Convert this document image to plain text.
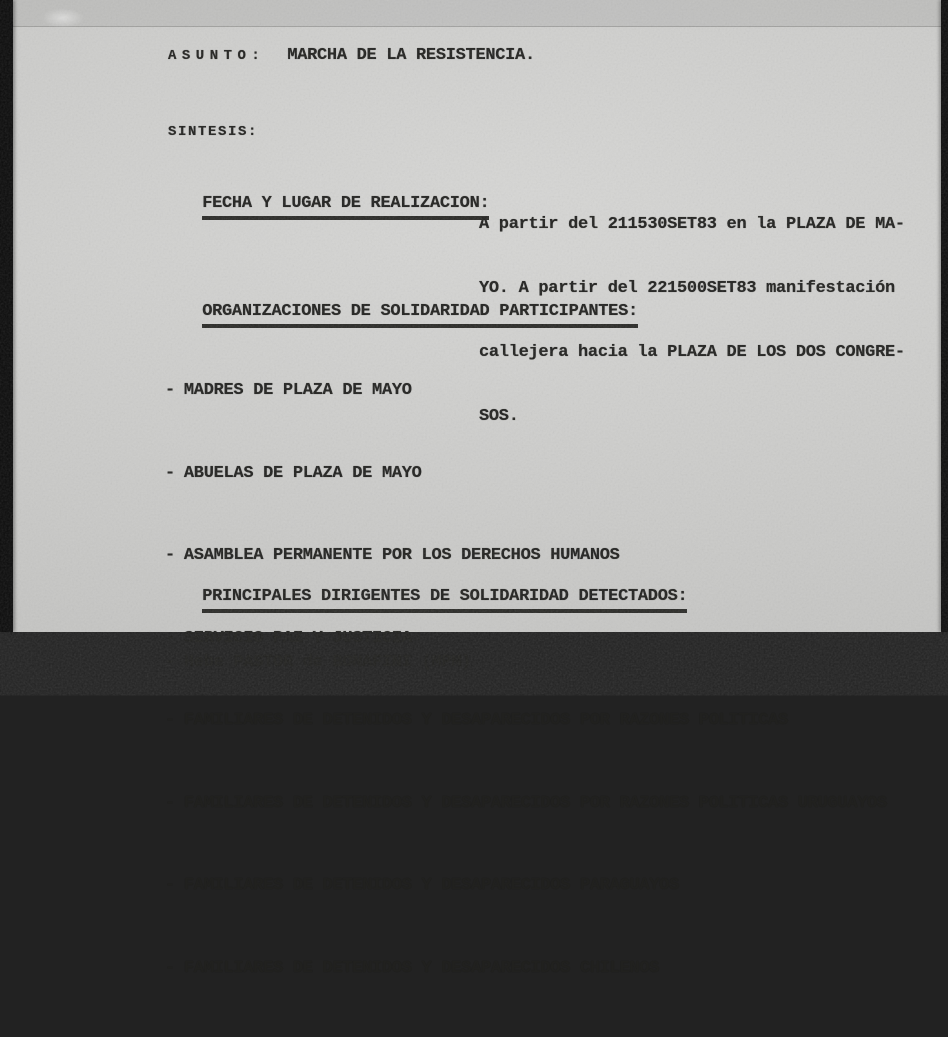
ASUNTO: MARCHA DE LA RESISTENCIA.
SINTESIS:

FECHA Y LUGAR DE REALIZACION:

A partir del 211530SET83 en la PLAZA DE MA-

YO. A partir del 221500SET83 manifestación

callejera hacia la PLAZA DE LOS DOS CONGRE-

SOS.

ORGANIZACIONES DE SOLIDARIDAD PARTICIPANTES:

- MADRES DE PLAZA DE MAYO

- ABUELAS DE PLAZA DE MAYO

- ASAMBLEA PERMANENTE POR LOS DERECHOS HUMANOS

- SERVICIO PAZ Y JUSTICIA

- FAMILIARES DE DETENIDOS Y DESAPARECIDOS POR RAZONES POLITICAS

- FAMILIARES DE DETENIDOS Y DESAPARECIDOS POR RAZONES POLITICAS URUGUAYOS

- FAMILIARES DE DETENIDOS Y DESAPARECIDOS PARAGUAYOS

- FAMILIARES DE DETENIDOS Y DESAPARECIDOS CHILENOS

PRINCIPALES DIRIGENTES DE SOLIDARIDAD DETECTADOS:

- Hebe PASTOR de BONAFINI (MPM)
